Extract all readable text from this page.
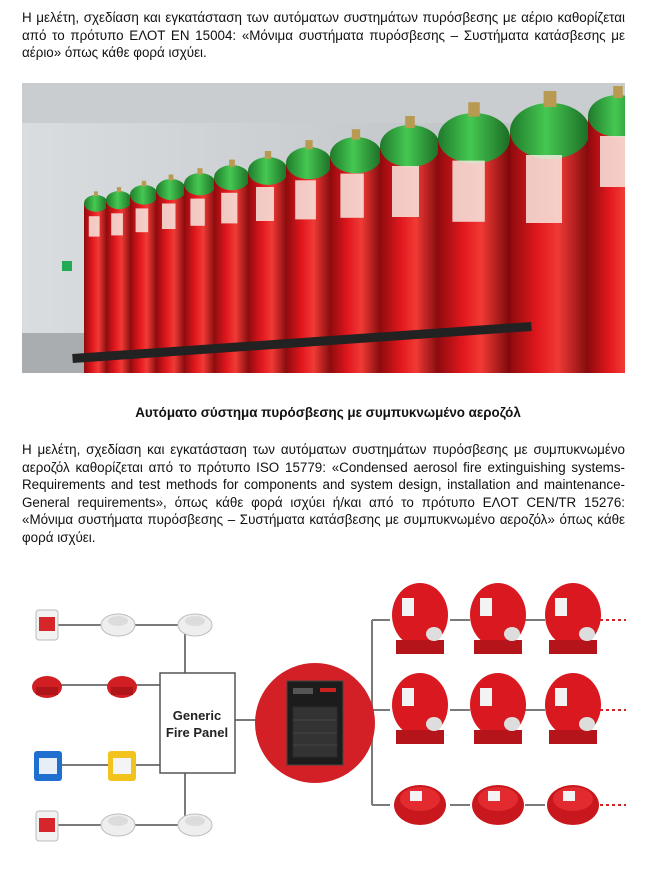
Η μελέτη, σχεδίαση και εγκατάσταση των αυτόματων συστημάτων πυρόσβεσης με αέριο καθορίζεται από το πρότυπο ΕΛΟΤ ΕΝ 15004: «Μόνιμα συστήματα πυρόσβεσης – Συστήματα κατάσβεσης με αέριο» όπως κάθε φορά ισχύει.

Αυτόματο σύστημα πυρόσβεσης με συμπυκνωμένο αεροζόλ

Η μελέτη, σχεδίαση και εγκατάσταση των αυτόματων συστημάτων πυρόσβεσης με συμπυκνωμένο αεροζόλ καθορίζεται από το πρότυπο ISO 15779: «Condensed aerosol fire extinguishing systems-Requirements and test methods for components and system design, installation and maintenance-General requirements», όπως κάθε φορά ισχύει ή/και από το πρότυπο ΕΛΟΤ CEN/TR 15276: «Μόνιμα συστήματα πυρόσβεσης – Συστήματα κατάσβεσης με συμπυκνωμένο αεροζόλ» όπως κάθε φορά ισχύει.

Generic
Fire Panel
